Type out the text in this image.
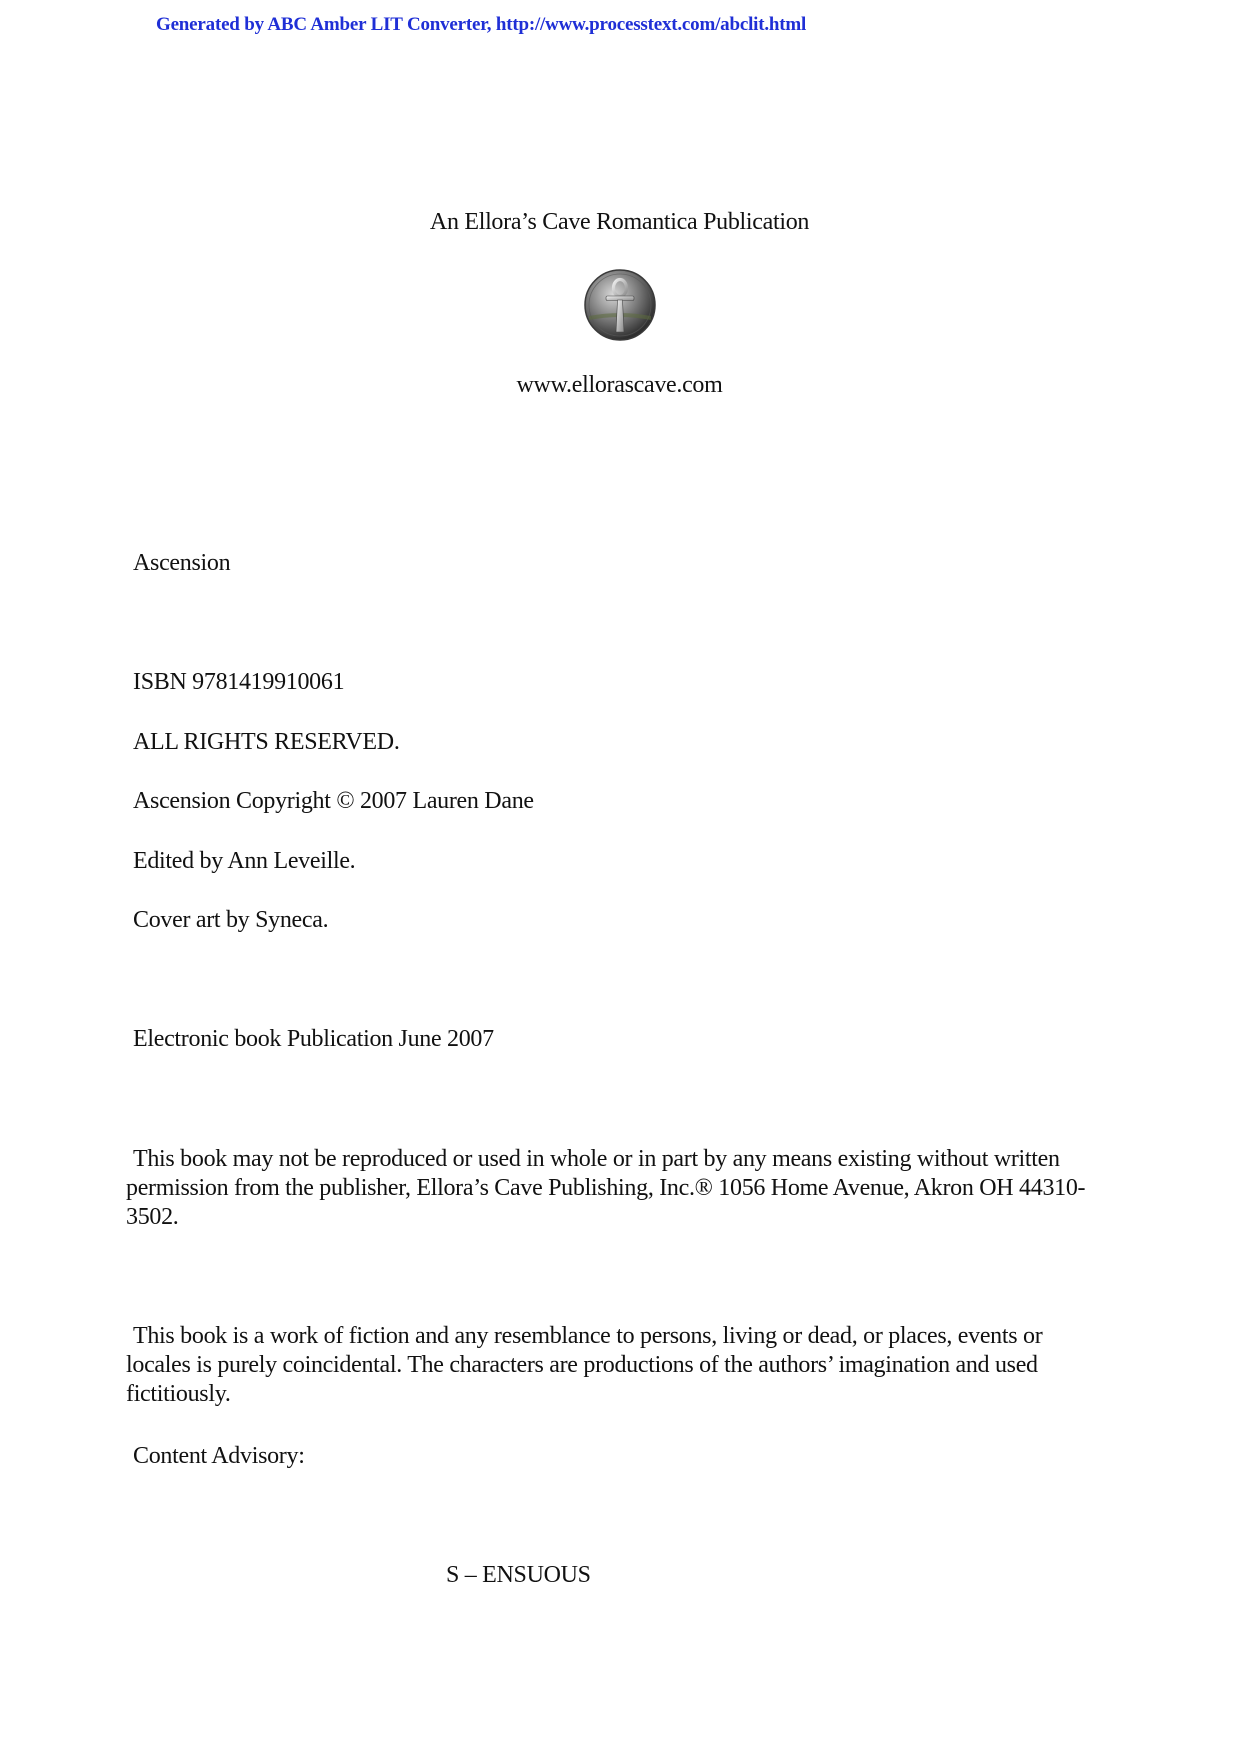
Generated by ABC Amber LIT Converter, http://www.processtext.com/abclit.html
An Ellora’s Cave Romantica Publication
www.ellorascave.com
Ascension
ISBN 9781419910061
ALL RIGHTS RESERVED.
Ascension Copyright © 2007 Lauren Dane
Edited by Ann Leveille.
Cover art by Syneca.
Electronic book Publication June 2007
This book may not be reproduced or used in whole or in part by any means existing without written permission from the publisher, Ellora’s Cave Publishing, Inc.® 1056 Home Avenue, Akron OH 44310-3502.
This book is a work of fiction and any resemblance to persons, living or dead, or places, events or locales is purely coincidental. The characters are productions of the authors’ imagination and used fictitiously.
Content Advisory:
S – ENSUOUS
